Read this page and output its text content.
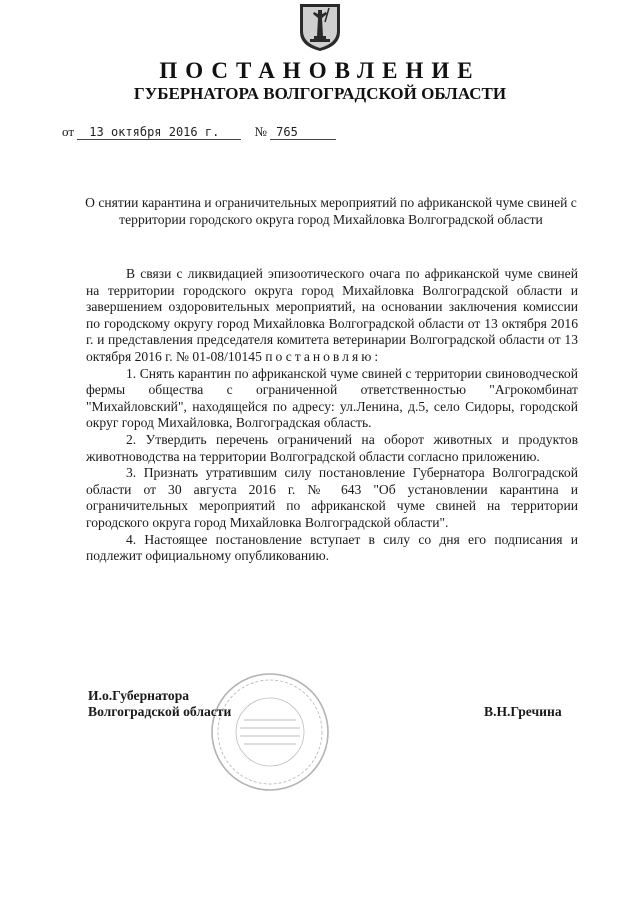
ПОСТАНОВЛЕНИЕ
ГУБЕРНАТОРА ВОЛГОГРАДСКОЙ ОБЛАСТИ
от 13 октября 2016 г.	№ 765
О снятии карантина и ограничительных мероприятий по африканской чуме свиней с территории городского округа город Михайловка Волгоградской области

В связи с ликвидацией эпизоотического очага по африканской чуме свиней на территории городского округа город Михайловка Волгоградской области и завершением оздоровительных мероприятий, на основании заключения комиссии по городскому округу город Михайловка Волгоградской области от 13 октября 2016 г. и представления председателя комитета ветеринарии Волгоградской области от 13 октября 2016 г. № 01-08/10145 постановляю:

1. Снять карантин по африканской чуме свиней с территории свиноводческой фермы общества с ограниченной ответственностью "Агрокомбинат "Михайловский", находящейся по адресу: ул.Ленина, д.5, село Сидоры, городской округ город Михайловка, Волгоградская область.

2. Утвердить перечень ограничений на оборот животных и продуктов животноводства на территории Волгоградской области согласно приложению.

3. Признать утратившим силу постановление Губернатора Волгоградской области от 30 августа 2016 г. № 643 "Об установлении карантина и ограничительных мероприятий по африканской чуме свиней на территории городского округа город Михайловка Волгоградской области".

4. Настоящее постановление вступает в силу со дня его подписания и подлежит официальному опубликованию.

И.о.Губернатора
Волгоградской области	В.Н.Гречина
